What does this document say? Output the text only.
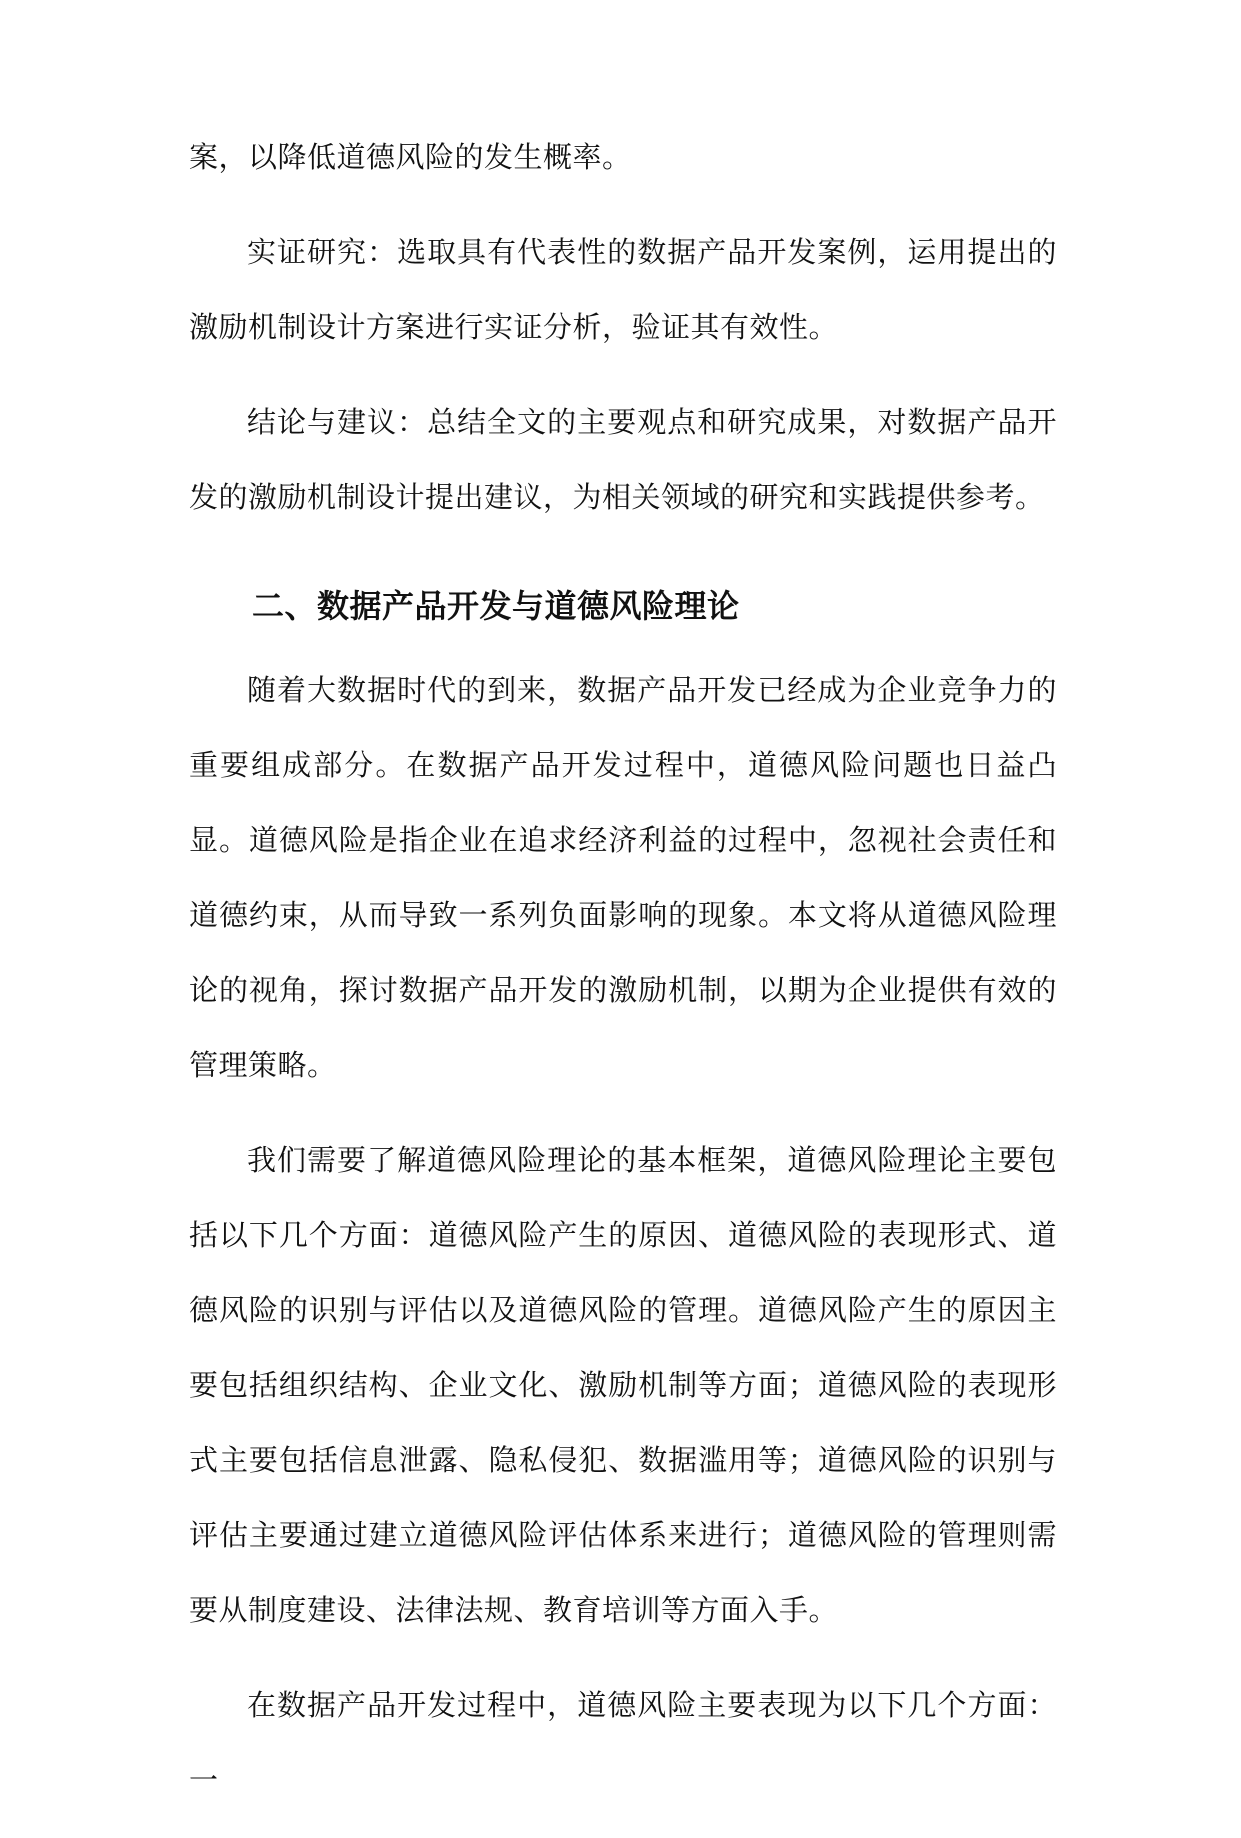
案，以降低道德风险的发生概率。

实证研究：选取具有代表性的数据产品开发案例，运用提出的激励机制设计方案进行实证分析，验证其有效性。

结论与建议：总结全文的主要观点和研究成果，对数据产品开发的激励机制设计提出建议，为相关领域的研究和实践提供参考。

二、数据产品开发与道德风险理论

随着大数据时代的到来，数据产品开发已经成为企业竞争力的重要组成部分。在数据产品开发过程中，道德风险问题也日益凸显。道德风险是指企业在追求经济利益的过程中，忽视社会责任和道德约束，从而导致一系列负面影响的现象。本文将从道德风险理论的视角，探讨数据产品开发的激励机制，以期为企业提供有效的管理策略。

我们需要了解道德风险理论的基本框架，道德风险理论主要包括以下几个方面：道德风险产生的原因、道德风险的表现形式、道德风险的识别与评估以及道德风险的管理。道德风险产生的原因主要包括组织结构、企业文化、激励机制等方面；道德风险的表现形式主要包括信息泄露、隐私侵犯、数据滥用等；道德风险的识别与评估主要通过建立道德风险评估体系来进行；道德风险的管理则需要从制度建设、法律法规、教育培训等方面入手。

在数据产品开发过程中，道德风险主要表现为以下几个方面：一
